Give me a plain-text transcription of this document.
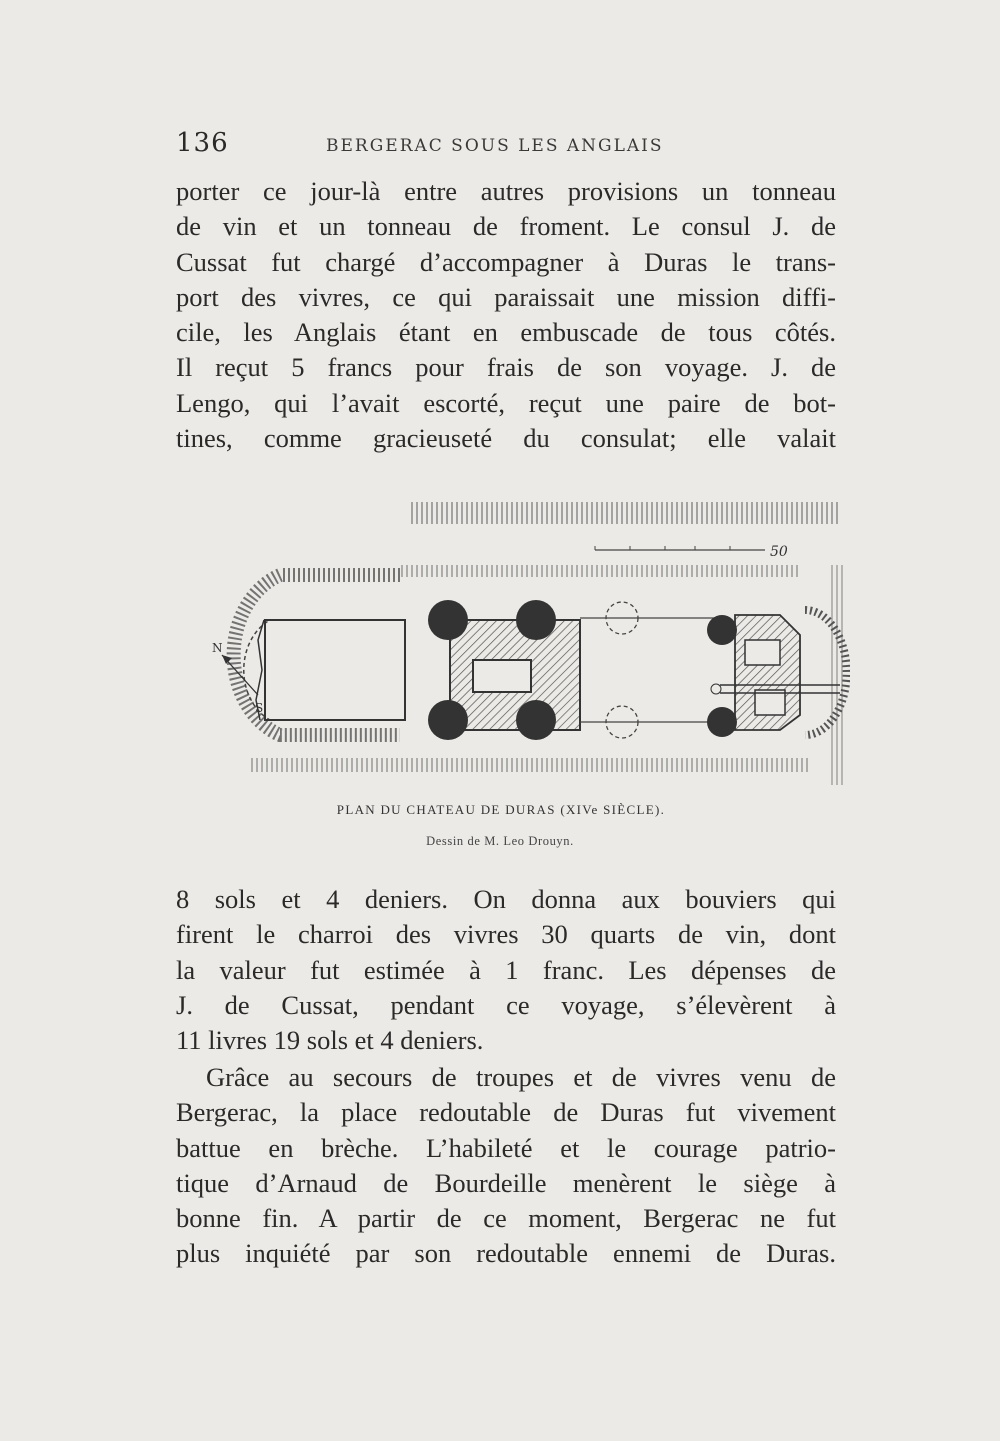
136	BERGERAC SOUS LES ANGLAIS
porter ce jour-là entre autres provisions un tonneau
de vin et un tonneau de froment. Le consul J. de
Cussat fut chargé d’accompagner à Duras le trans-
port des vivres, ce qui paraissait une mission diffi-
cile, les Anglais étant en embuscade de tous côtés.
Il reçut 5 francs pour frais de son voyage. J. de
Lengo, qui l’avait escorté, reçut une paire de bot-
tines, comme gracieuseté du consulat; elle valait
50
N
S
PLAN DU CHATEAU DE DURAS (XIVe SIÈCLE).
Dessin de M. Leo Drouyn.
8 sols et 4 deniers. On donna aux bouviers qui
firent le charroi des vivres 30 quarts de vin, dont
la valeur fut estimée à 1 franc. Les dépenses de
J. de Cussat, pendant ce voyage, s’élevèrent à
11 livres 19 sols et 4 deniers.
Grâce au secours de troupes et de vivres venu de
Bergerac, la place redoutable de Duras fut vivement
battue en brèche. L’habileté et le courage patrio-
tique d’Arnaud de Bourdeille menèrent le siège à
bonne fin. A partir de ce moment, Bergerac ne fut
plus inquiété par son redoutable ennemi de Duras.
